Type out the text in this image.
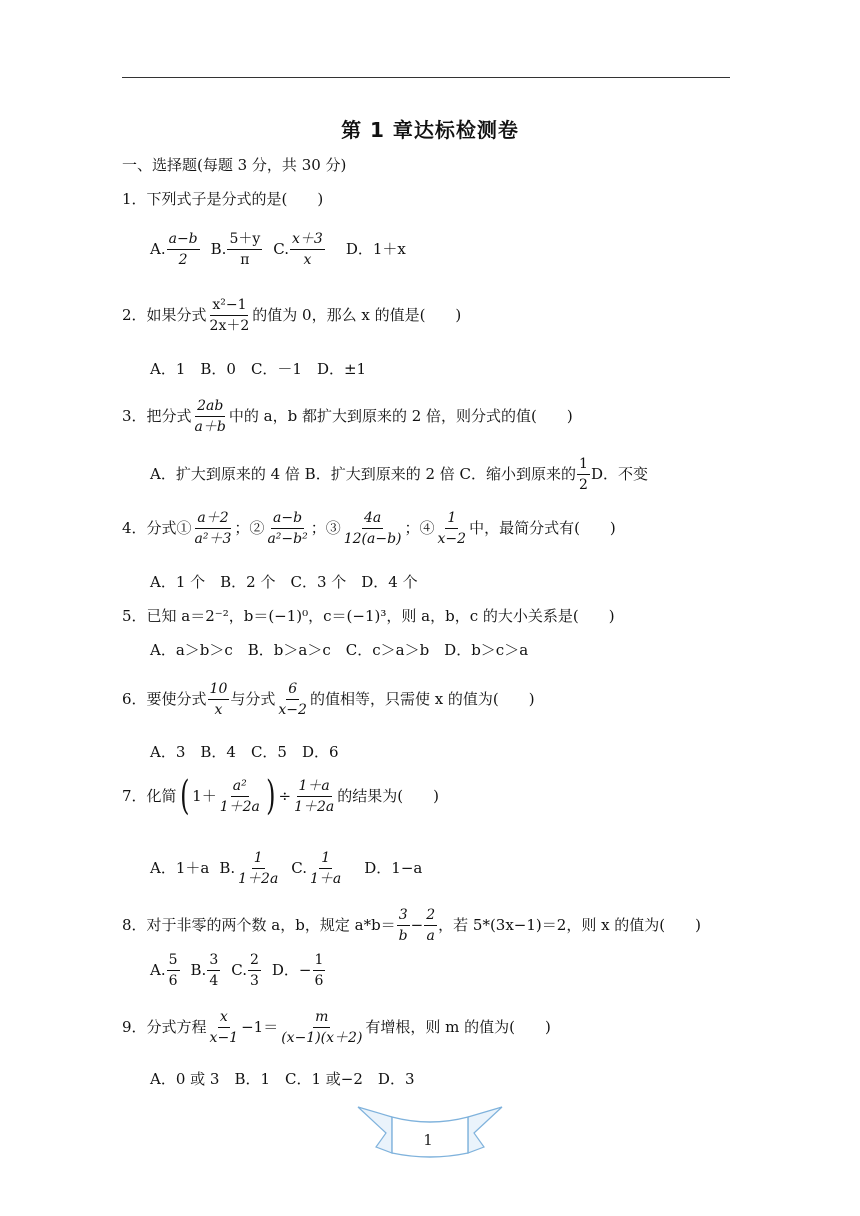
第 1 章达标检测卷
一、选择题(每题 3 分，共 30 分)
1．下列式子是分式的是(　　)
A. $\frac{a-b}{2} B$. $\frac{5+y}{\pi} C$. $\frac{x+3}{x}$ D．1＋x
2．如果分式 $\frac{\text{x²−1}}{2x+2}$ 的值为 0，那么 x 的值是(　　)
A．1　B．0　C．－1　D．±1
3．把分式 $\frac{2ab}{a+b}$ 中的 a，b 都扩大到原来的 2 倍，则分式的值(　　)
A．扩大到原来的 4 倍 B．扩大到原来的 2 倍 C．缩小到原来的 $\frac{1}{2}$ D．不变
4．分式① $\frac{a+2}{\text{a²＋3}}$ ；② $\frac{a-b}{\text{a²−b²}}$ ；③ $\frac{4a}{12(a-b)}$ ；④ $\frac{1}{x-2}$ 中，最简分式有(　　)
A．1 个　B．2 个　C．3 个　D．4 个
5．已知 a＝2⁻²，b＝(−1)⁰，c＝(−1)³，则 a，b，c 的大小关系是(　　)
A．a＞b＞c　B．b＞a＞c　C．c＞a＞b　D．b＞c＞a
6．要使分式 $\frac{10}{x}$ 与分式 $\frac{6}{x-2}$ 的值相等，只需使 x 的值为(　　)
A．3　B．4　C．5　D．6
7．化简 ( $1+ \frac{\text{a²}}{1+2a}$ ) ÷ $\frac{1+a}{1+2a}$ 的结果为(　　)
A．1＋a B. $\frac{1}{1+2a} C$. $\frac{1}{1+a}$ D．1−a
8．对于非零的两个数 a，b，规定 $a*b= \frac{3}{b} - \frac{2}{a}$ ，若 5*(3x−1)＝2，则 x 的值为(　　)
A. $\frac{5}{6} B$. $\frac{3}{4} C$. $\frac{2}{3}$ D．− $\frac{1}{6}$
9．分式方程 $\frac{x}{x-1} -1= \frac{m}{(x-1)(x+2)}$ 有增根，则 m 的值为(　　)
A．0 或 3　B．1　C．1 或−2　D．3
1
